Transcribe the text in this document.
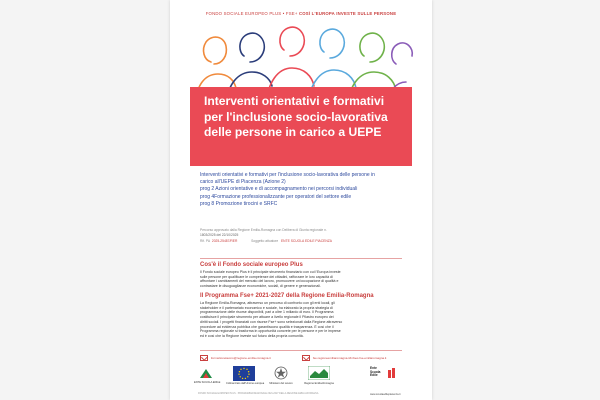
FONDO SOCIALE EUROPEO PLUS • FSE+ COSÌ L'EUROPA INVESTE SULLE PERSONE
Interventi orientativi e formativi
per l'inclusione socio-lavorativa
delle persone in carico a UEPE
Interventi orientativi e formativi per l'inclusione socio-lavorativa delle persone in
carico all'UEPE di Piacenza (Azione 2)
prog 2 Azioni orientative e di accompagnamento nei percorsi individuali
prog 4Formazione professionalizzante per operatori del settore edile
prog 8 Promozione tirocini e SRFC
Percorso approvato dalla Regione Emilia-Romagna con Delibera di Giunta regionale n.
1803/2025 del 22/10/2025
Rif. PA 2025-25487/RER	Soggetto attuatore ENTE SCUOLA EDILE PIACENZA
Cos'è il Fondo sociale europeo Plus
Il Fondo sociale europeo Plus è il principale strumento finanziario con cui l'Europa investe
sulle persone per qualificare le competenze dei cittadini, rafforzare le loro capacità di
affrontare i cambiamenti del mercato del lavoro, promuovere un'occupazione di qualità e
contrastare le disuguaglianze economiche, sociali, di genere e generazionali.
Il Programma Fse+ 2021-2027 della Regione Emilia-Romagna
La Regione Emilia-Romagna, attraverso un percorso di confronto con gli enti locali, gli
stakeholder e il partenariato economico e sociale, ha elaborato la propria strategia di
programmazione delle risorse disponibili, pari a oltre 1 miliardo di euro. Il Programma
costituisce il principale strumento per attuare a livello regionale il Pilastro europeo dei
diritti sociali. I progetti finanziati con risorse Fse+ sono selezionati dalla Regione attraverso
procedure ad evidenza pubblica che garantiscono qualità e trasparenza. È così che il
Programma regionale si trasforma in opportunità concrete per le persone e per le imprese
ed è così che la Regione investe sul futuro della propria comunità.
formazionelavoro@regione.emilia-romagna.it	fse.regioneemiliaromagna.it/infoes.fse-emiliaromagna.it
ENTE SCUOLA EDILE Cofinanziato dall'Unione europea	Ministero del Lavoro	Regione Emilia-Romagna
Ente
Scuola
Edile
FONDO SOCIALE EUROPEO PLUS · PROGRAMMA REGIONALE 2021-2027 DELLA REGIONE EMILIA-ROMAGNA	www.scuolaedilepiacenza.it
